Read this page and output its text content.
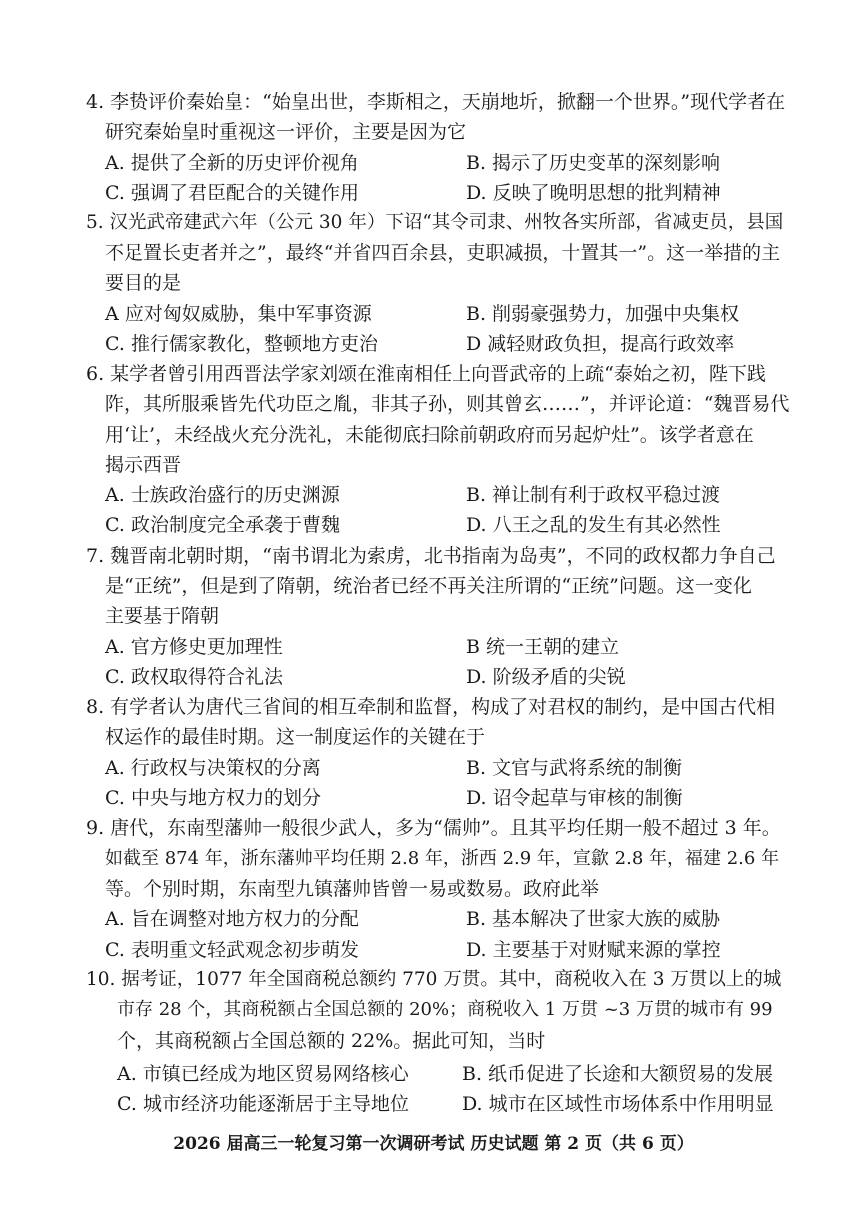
4. 李贽评价秦始皇：“始皇出世，李斯相之，天崩地圻，掀翻一个世界。”现代学者在
研究秦始皇时重视这一评价，主要是因为它
A. 提供了全新的历史评价视角	B. 揭示了历史变革的深刻影响
C. 强调了君臣配合的关键作用	D. 反映了晚明思想的批判精神
5. 汉光武帝建武六年（公元 30 年）下诏“其令司隶、州牧各实所部，省减吏员，县国
不足置长吏者并之”，最终“并省四百余县，吏职减损，十置其一”。这一举措的主
要目的是
A 应对匈奴威胁，集中军事资源	B. 削弱豪强势力，加强中央集权
C. 推行儒家教化，整顿地方吏治	D 减轻财政负担，提高行政效率
6. 某学者曾引用西晋法学家刘颂在淮南相任上向晋武帝的上疏“泰始之初，陛下践
阼，其所服乘皆先代功臣之胤，非其子孙，则其曾玄……”，并评论道：“魏晋易代
用‘让’，未经战火充分洗礼，未能彻底扫除前朝政府而另起炉灶”。该学者意在
揭示西晋
A. 士族政治盛行的历史渊源	B. 禅让制有利于政权平稳过渡
C. 政治制度完全承袭于曹魏	D. 八王之乱的发生有其必然性
7. 魏晋南北朝时期，“南书谓北为索虏，北书指南为岛夷”，不同的政权都力争自己
是“正统”，但是到了隋朝，统治者已经不再关注所谓的“正统”问题。这一变化
主要基于隋朝
A. 官方修史更加理性	B 统一王朝的建立
C. 政权取得符合礼法	D. 阶级矛盾的尖锐
8. 有学者认为唐代三省间的相互牵制和监督，构成了对君权的制约，是中国古代相
权运作的最佳时期。这一制度运作的关键在于
A. 行政权与决策权的分离	B. 文官与武将系统的制衡
C. 中央与地方权力的划分	D. 诏令起草与审核的制衡
9. 唐代，东南型藩帅一般很少武人，多为“儒帅”。且其平均任期一般不超过 3 年。
如截至 874 年，浙东藩帅平均任期 2.8 年，浙西 2.9 年，宣歙 2.8 年，福建 2.6 年
等。个别时期，东南型九镇藩帅皆曾一易或数易。政府此举
A. 旨在调整对地方权力的分配	B. 基本解决了世家大族的威胁
C. 表明重文轻武观念初步萌发	D. 主要基于对财赋来源的掌控
10. 据考证，1077 年全国商税总额约 770 万贯。其中，商税收入在 3 万贯以上的城
市存 28 个，其商税额占全国总额的 20%；商税收入 1 万贯 ~3 万贯的城市有 99
个，其商税额占全国总额的 22%。据此可知，当时
A. 市镇已经成为地区贸易网络核心	B. 纸币促进了长途和大额贸易的发展
C. 城市经济功能逐渐居于主导地位	D. 城市在区域性市场体系中作用明显
2026 届高三一轮复习第一次调研考试 历史试题 第 2 页（共 6 页）
